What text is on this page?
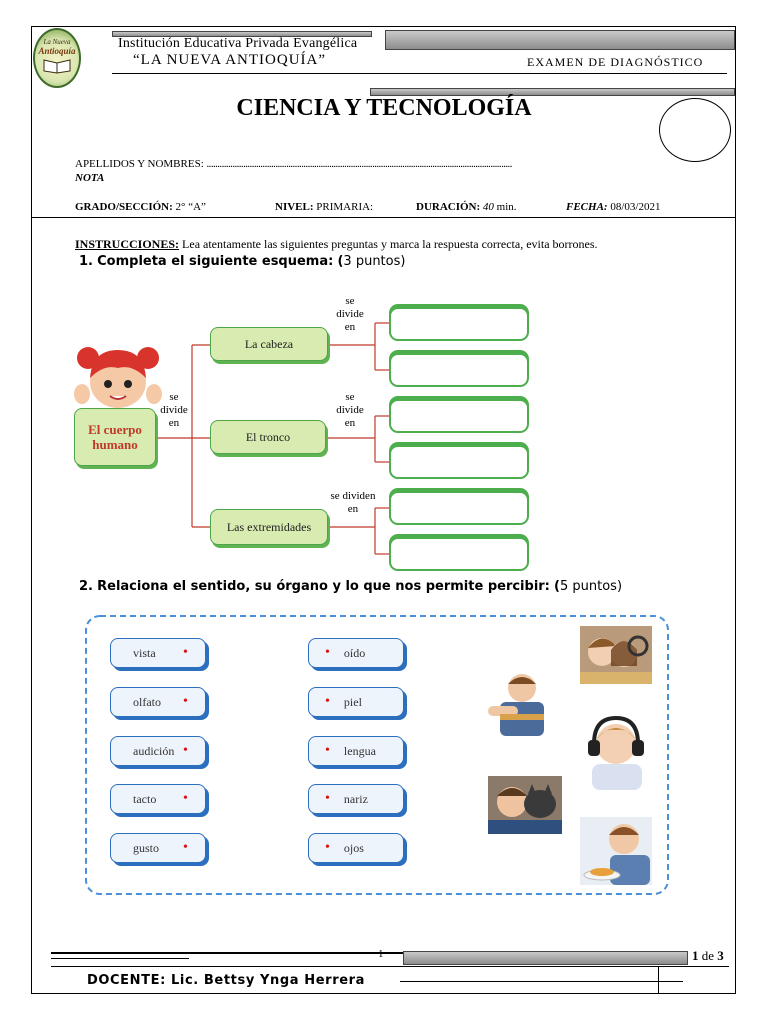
La Nueva
Antioquía	Institución Educativa Privada Evangélica
“LA NUEVA ANTIOQUÍA”	EXAMEN DE DIAGNÓSTICO
CIENCIA Y TECNOLOGÍA
APELLIDOS Y NOMBRES: ..............................................................................................................................................
NOTA
GRADO/SECCIÓN: 2° “A”	NIVEL: PRIMARIA:	DURACIÓN: 40 min.	FECHA: 08/03/2021
INSTRUCCIONES: Lea atentamente las siguientes preguntas y marca la respuesta correcta, evita borrones.
1. Completa el siguiente esquema: (3 puntos)
El cuerpo humano
se
divide
en
La cabeza
El tronco
Las extremidades
se
divide
en
se
divide
en
se dividen
en
2. Relaciona el sentido, su órgano y lo que nos permite percibir: (5 puntos)
vista	•
olfato	•
audición •
tacto	•
gusto	•
• oído
• piel
• lengua
• nariz
• ojos
1	1 de 3
DOCENTE: Lic. Bettsy Ynga Herrera
